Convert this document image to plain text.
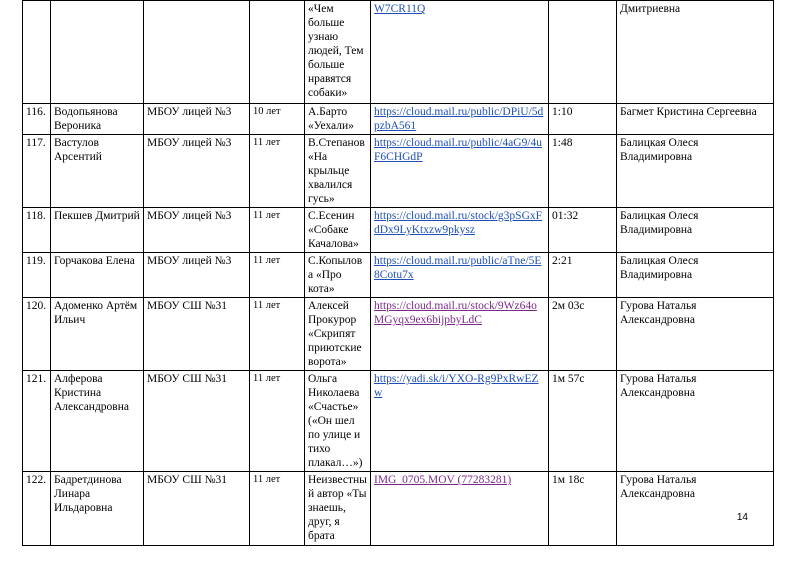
				«Чем больше узнаю людей, Тем больше нравятся собаки»	W7CR11Q		Дмитриевна
116.	Водопьянова Вероника	МБОУ лицей №3	10 лет	А.Барто «Уехали»	https://cloud.mail.ru/public/DPiU/5dpzbA561	1:10	Багмет Кристина Сергеевна
117.	Вастулов Арсентий	МБОУ лицей №3	11 лет	В.Степанов «На крыльце хвалился гусь»	https://cloud.mail.ru/public/4aG9/4uF6CHGdP	1:48	Балицкая Олеся Владимировна
118.	Пекшев Дмитрий	МБОУ лицей №3	11 лет	С.Есенин «Собаке Качалова»	https://cloud.mail.ru/stock/g3pSGxFdDx9LyKtxzw9pkysz	01:32	Балицкая Олеся Владимировна
119.	Горчакова Елена	МБОУ лицей №3	11 лет	С.Копылова «Про кота»	https://cloud.mail.ru/public/aTne/5E8Cotu7x	2:21	Балицкая Олеся Владимировна
120.	Адоменко Артём Ильич	МБОУ СШ №31	11 лет	Алексей Прокурор «Скрипят приютские ворота»	https://cloud.mail.ru/stock/9Wz64oMGyqx9ex6bijpbyLdC	2м 03с	Гурова Наталья Александровна
121.	Алферова Кристина Александровна	МБОУ СШ №31	11 лет	Ольга Николаева «Счастье» («Он шел по улице и тихо плакал…»)	https://yadi.sk/i/YXO-Rg9PxRwEZw	1м 57с	Гурова Наталья Александровна
122.	Бадретдинова Линара Ильдаровна	МБОУ СШ №31	11 лет	Неизвестный автор «Ты знаешь, друг, я брата	IMG_0705.MOV (77283281)	1м 18с	Гурова Наталья Александровна
14
